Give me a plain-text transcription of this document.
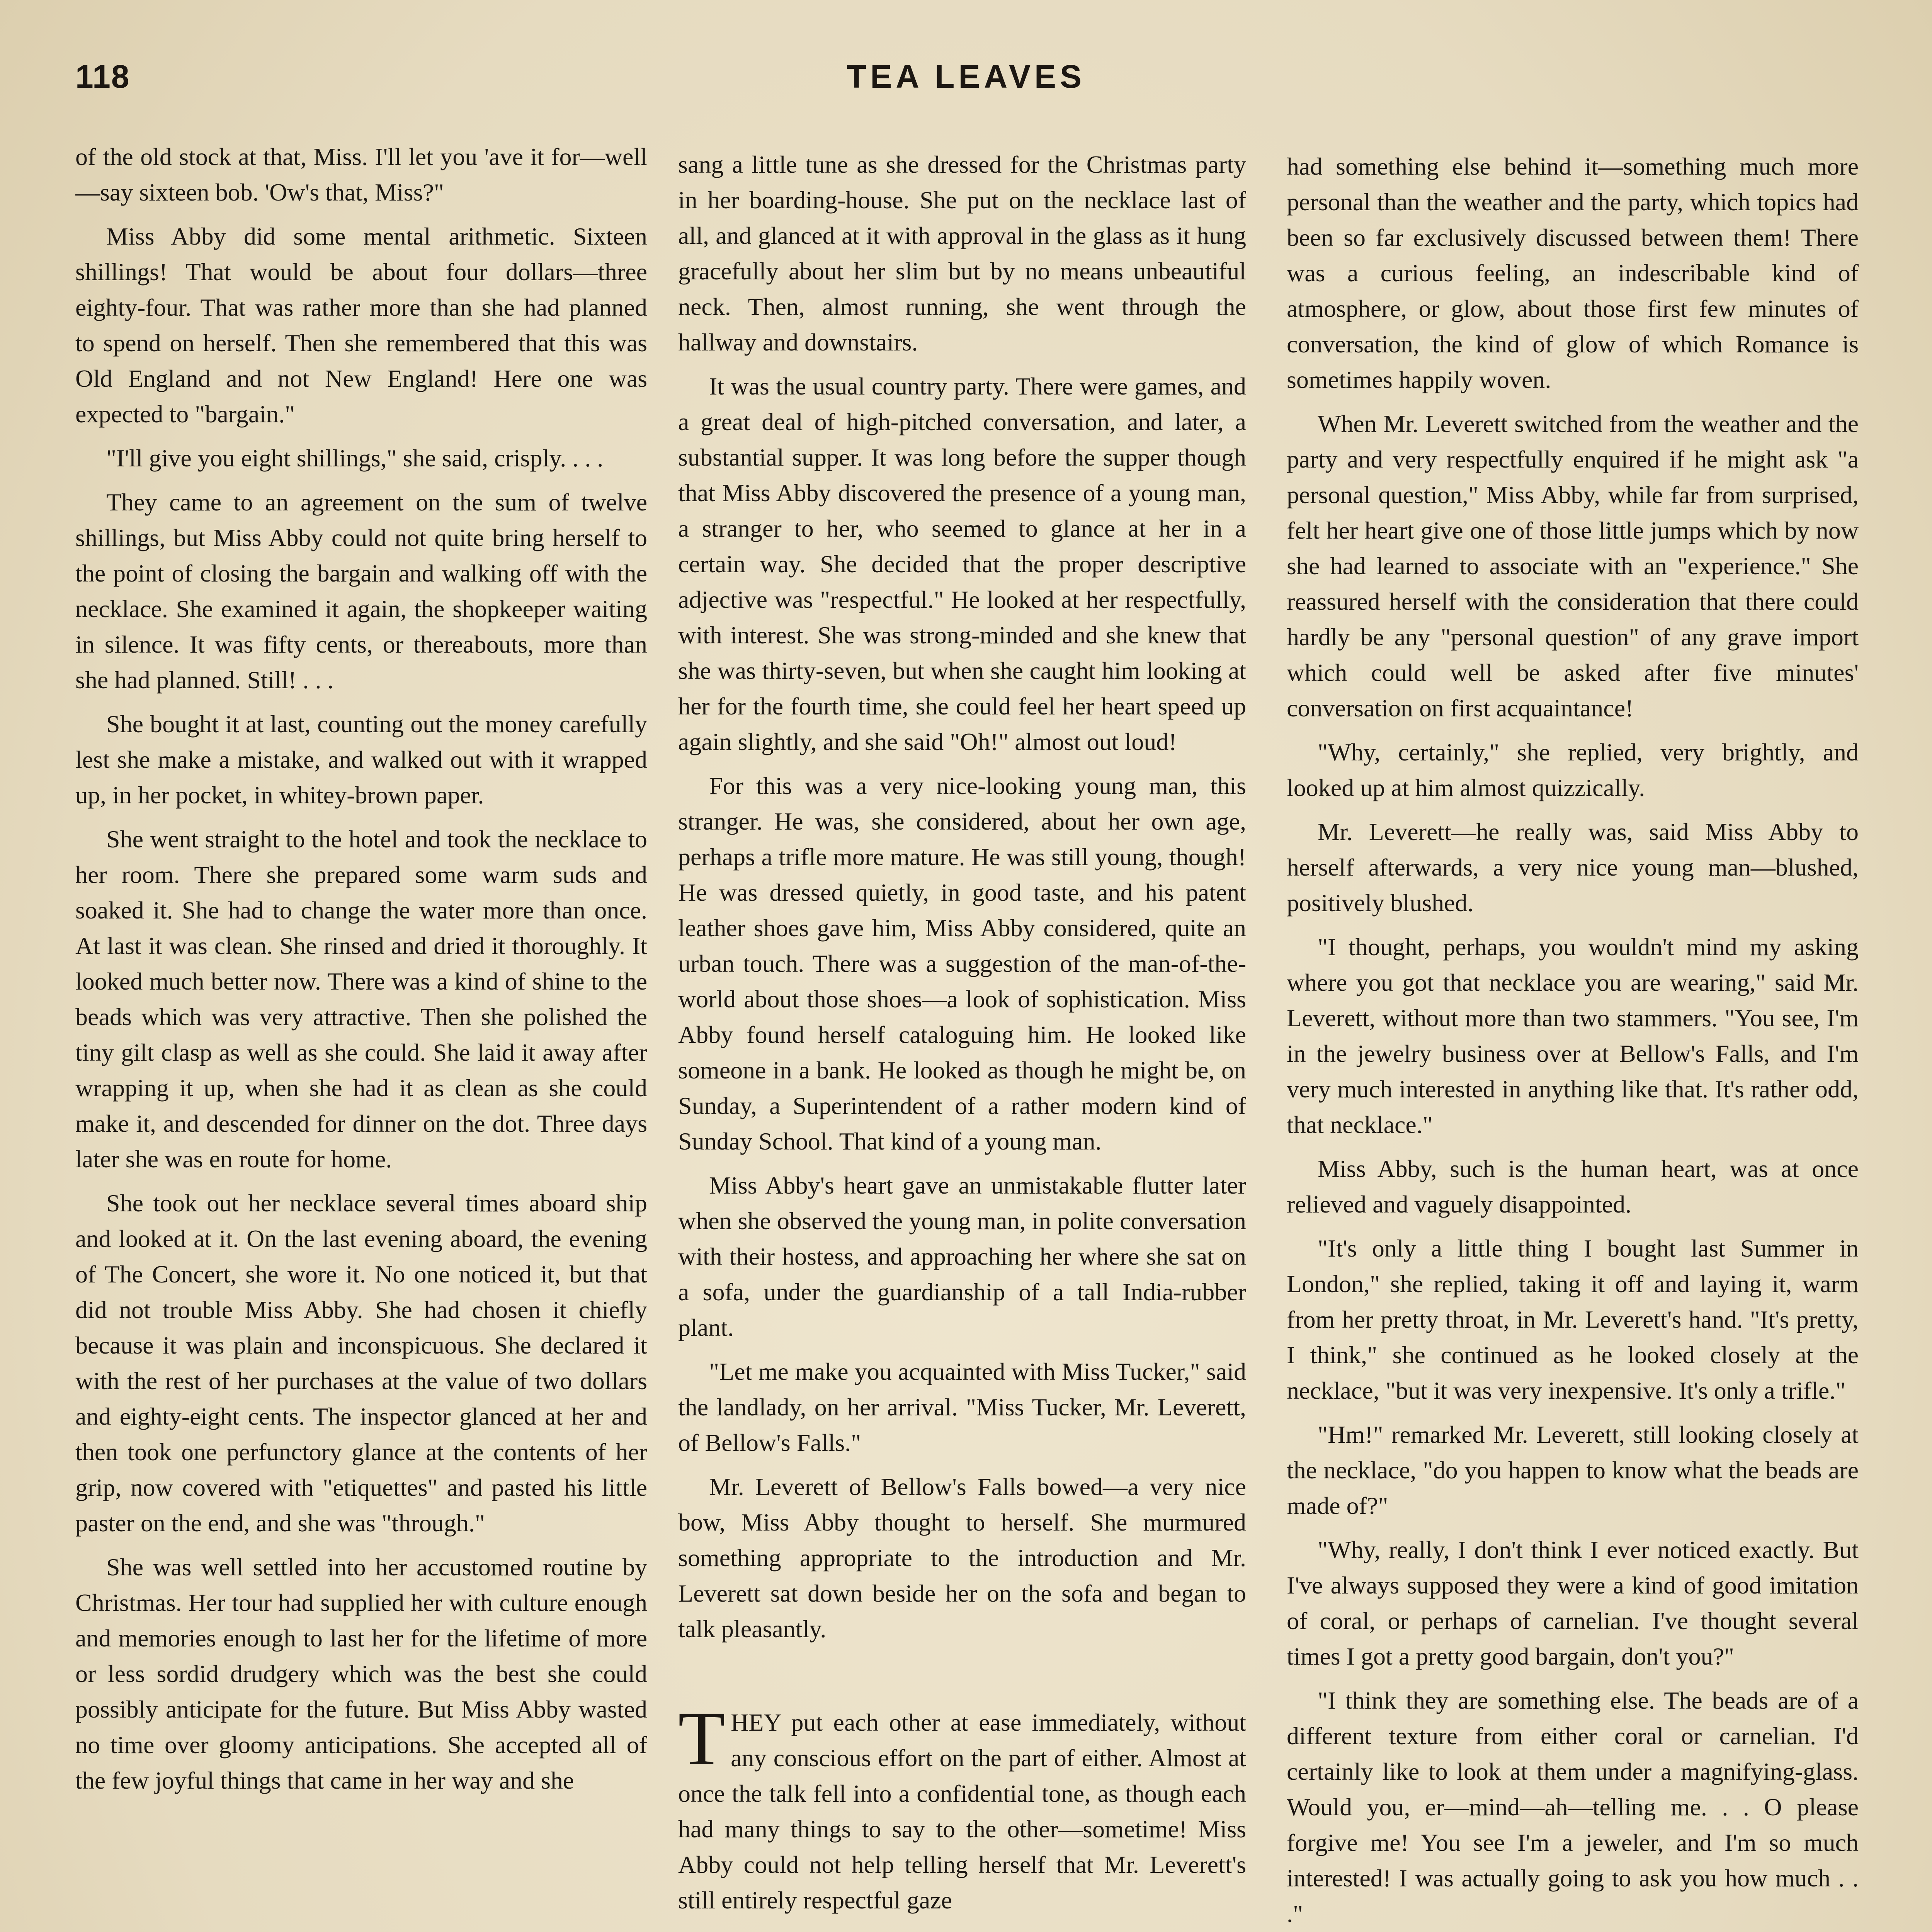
118	TEA LEAVES

of the old stock at that, Miss. I'll let you 'ave it for—well—say sixteen bob. 'Ow's that, Miss?"

Miss Abby did some mental arithmetic. Sixteen shillings! That would be about four dollars—three eighty-four. That was rather more than she had planned to spend on herself. Then she remembered that this was Old England and not New England! Here one was expected to "bargain."

"I'll give you eight shillings," she said, crisply. . . .

They came to an agreement on the sum of twelve shillings, but Miss Abby could not quite bring herself to the point of closing the bargain and walking off with the necklace. She examined it again, the shopkeeper waiting in silence. It was fifty cents, or thereabouts, more than she had planned. Still! . . .

She bought it at last, counting out the money carefully lest she make a mistake, and walked out with it wrapped up, in her pocket, in whitey-brown paper.

She went straight to the hotel and took the necklace to her room. There she prepared some warm suds and soaked it. She had to change the water more than once. At last it was clean. She rinsed and dried it thoroughly. It looked much better now. There was a kind of shine to the beads which was very attractive. Then she polished the tiny gilt clasp as well as she could. She laid it away after wrapping it up, when she had it as clean as she could make it, and descended for dinner on the dot. Three days later she was en route for home.

She took out her necklace several times aboard ship and looked at it. On the last evening aboard, the evening of The Concert, she wore it. No one noticed it, but that did not trouble Miss Abby. She had chosen it chiefly because it was plain and inconspicuous. She declared it with the rest of her purchases at the value of two dollars and eighty-eight cents. The inspector glanced at her and then took one perfunctory glance at the contents of her grip, now covered with "etiquettes" and pasted his little paster on the end, and she was "through."

She was well settled into her accustomed routine by Christmas. Her tour had supplied her with culture enough and memories enough to last her for the lifetime of more or less sordid drudgery which was the best she could possibly anticipate for the future. But Miss Abby wasted no time over gloomy anticipations. She accepted all of the few joyful things that came in her way and she

sang a little tune as she dressed for the Christmas party in her boarding-house. She put on the necklace last of all, and glanced at it with approval in the glass as it hung gracefully about her slim but by no means unbeautiful neck. Then, almost running, she went through the hallway and downstairs.

It was the usual country party. There were games, and a great deal of high-pitched conversation, and later, a substantial supper. It was long before the supper though that Miss Abby discovered the presence of a young man, a stranger to her, who seemed to glance at her in a certain way. She decided that the proper descriptive adjective was "respectful." He looked at her respectfully, with interest. She was strong-minded and she knew that she was thirty-seven, but when she caught him looking at her for the fourth time, she could feel her heart speed up again slightly, and she said "Oh!" almost out loud!

For this was a very nice-looking young man, this stranger. He was, she considered, about her own age, perhaps a trifle more mature. He was still young, though! He was dressed quietly, in good taste, and his patent leather shoes gave him, Miss Abby considered, quite an urban touch. There was a suggestion of the man-of-the-world about those shoes—a look of sophistication. Miss Abby found herself cataloguing him. He looked like someone in a bank. He looked as though he might be, on Sunday, a Superintendent of a rather modern kind of Sunday School. That kind of a young man.

Miss Abby's heart gave an unmistakable flutter later when she observed the young man, in polite conversation with their hostess, and approaching her where she sat on a sofa, under the guardianship of a tall India-rubber plant.

"Let me make you acquainted with Miss Tucker," said the landlady, on her arrival. "Miss Tucker, Mr. Leverett, of Bellow's Falls."

Mr. Leverett of Bellow's Falls bowed—a very nice bow, Miss Abby thought to herself. She murmured something appropriate to the introduction and Mr. Leverett sat down beside her on the sofa and began to talk pleasantly.

THEY put each other at ease immediately, without any conscious effort on the part of either. Almost at once the talk fell into a confidential tone, as though each had many things to say to the other—sometime! Miss Abby could not help telling herself that Mr. Leverett's still entirely respectful gaze

had something else behind it—something much more personal than the weather and the party, which topics had been so far exclusively discussed between them! There was a curious feeling, an indescribable kind of atmosphere, or glow, about those first few minutes of conversation, the kind of glow of which Romance is sometimes happily woven.

When Mr. Leverett switched from the weather and the party and very respectfully enquired if he might ask "a personal question," Miss Abby, while far from surprised, felt her heart give one of those little jumps which by now she had learned to associate with an "experience." She reassured herself with the consideration that there could hardly be any "personal question" of any grave import which could well be asked after five minutes' conversation on first acquaintance!

"Why, certainly," she replied, very brightly, and looked up at him almost quizzically.

Mr. Leverett—he really was, said Miss Abby to herself afterwards, a very nice young man—blushed, positively blushed.

"I thought, perhaps, you wouldn't mind my asking where you got that necklace you are wearing," said Mr. Leverett, without more than two stammers. "You see, I'm in the jewelry business over at Bellow's Falls, and I'm very much interested in anything like that. It's rather odd, that necklace."

Miss Abby, such is the human heart, was at once relieved and vaguely disappointed.

"It's only a little thing I bought last Summer in London," she replied, taking it off and laying it, warm from her pretty throat, in Mr. Leverett's hand. "It's pretty, I think," she continued as he looked closely at the necklace, "but it was very inexpensive. It's only a trifle."

"Hm!" remarked Mr. Leverett, still looking closely at the necklace, "do you happen to know what the beads are made of?"

"Why, really, I don't think I ever noticed exactly. But I've always supposed they were a kind of good imitation of coral, or perhaps of carnelian. I've thought several times I got a pretty good bargain, don't you?"

"I think they are something else. The beads are of a different texture from either coral or carnelian. I'd certainly like to look at them under a magnifying-glass. Would you, er—mind—ah—telling me. . . O please forgive me! You see I'm a jeweler, and I'm so much interested! I was actually going to ask you how much . . ."
